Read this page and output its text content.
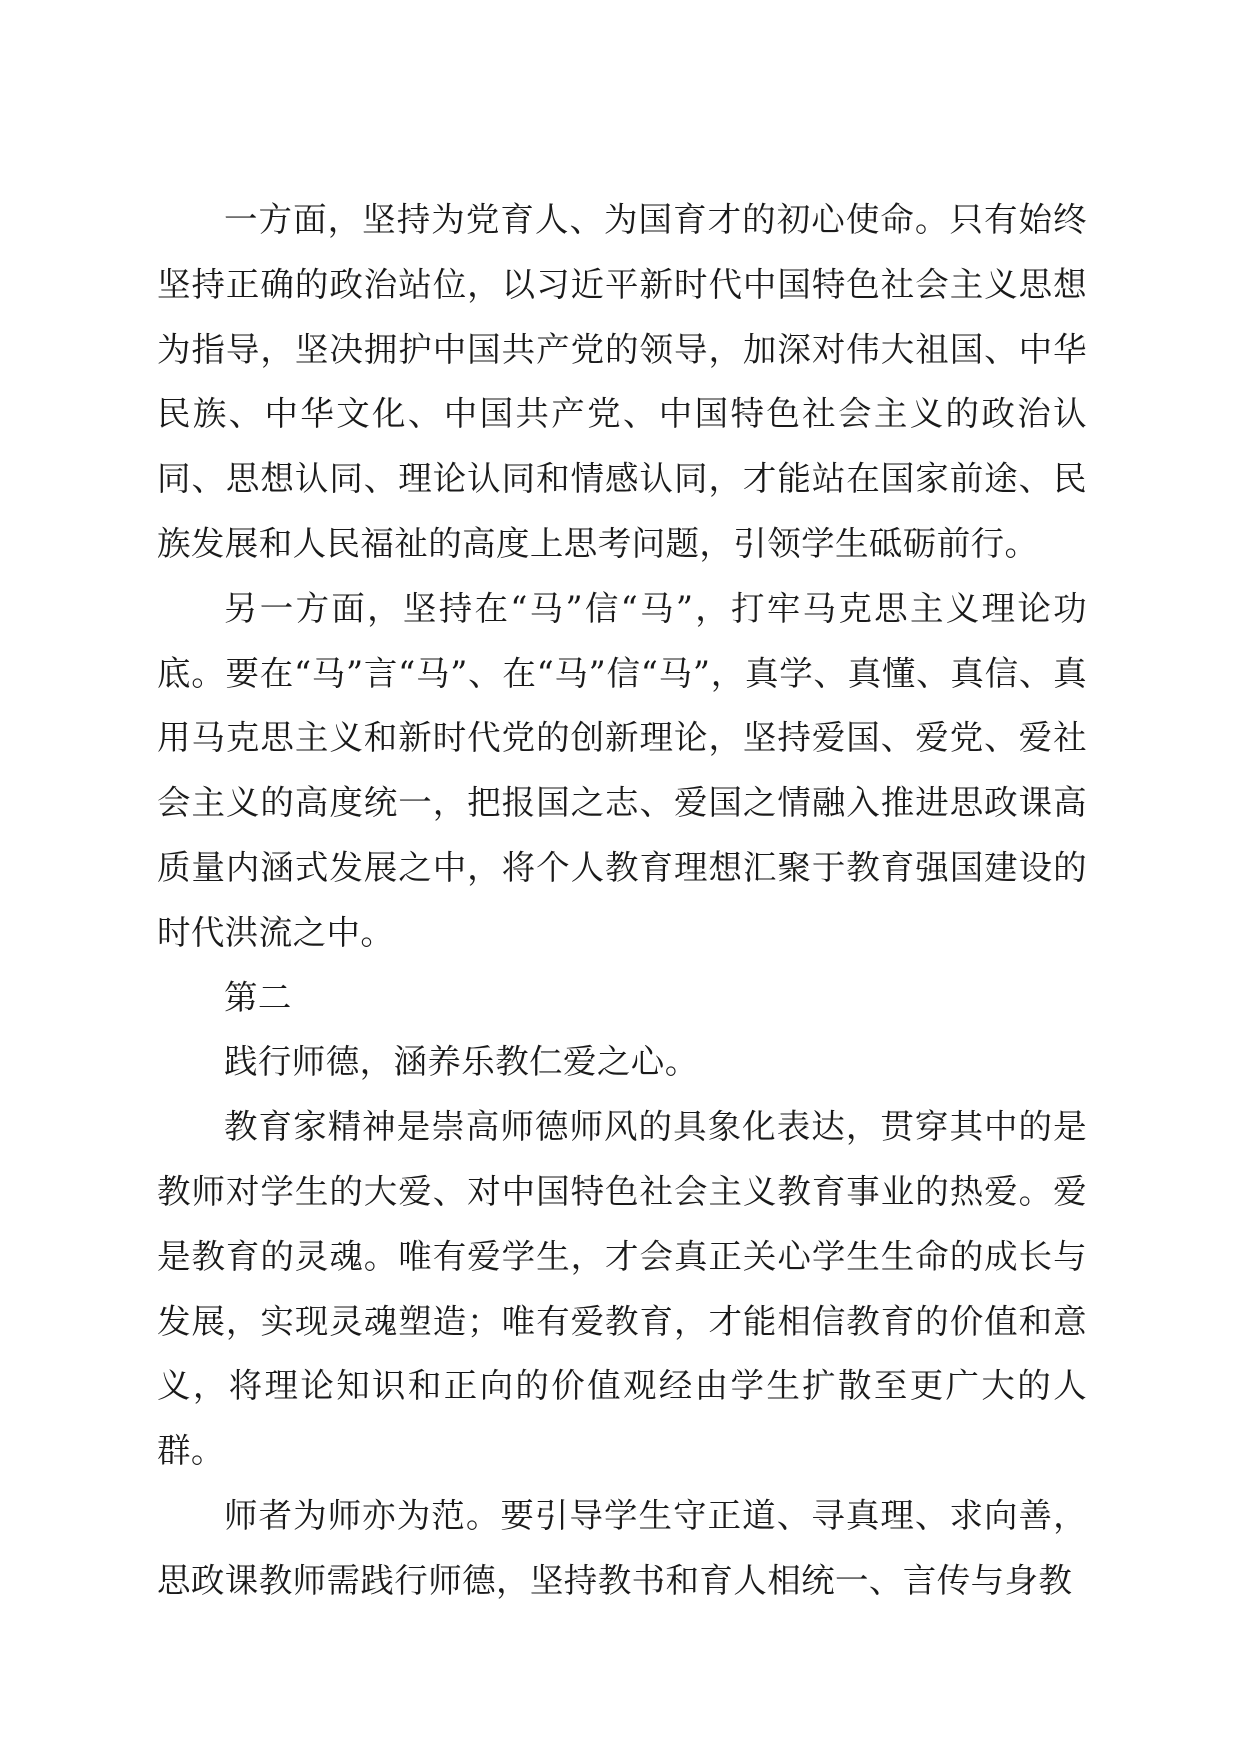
一方面，坚持为党育人、为国育才的初心使命。只有始终坚持正确的政治站位，以习近平新时代中国特色社会主义思想为指导，坚决拥护中国共产党的领导，加深对伟大祖国、中华民族、中华文化、中国共产党、中国特色社会主义的政治认同、思想认同、理论认同和情感认同，才能站在国家前途、民族发展和人民福祉的高度上思考问题，引领学生砥砺前行。

另一方面，坚持在“马”信“马”，打牢马克思主义理论功底。要在“马”言“马”、在“马”信“马”，真学、真懂、真信、真用马克思主义和新时代党的创新理论，坚持爱国、爱党、爱社会主义的高度统一，把报国之志、爱国之情融入推进思政课高质量内涵式发展之中，将个人教育理想汇聚于教育强国建设的时代洪流之中。

第二

践行师德，涵养乐教仁爱之心。

教育家精神是崇高师德师风的具象化表达，贯穿其中的是教师对学生的大爱、对中国特色社会主义教育事业的热爱。爱是教育的灵魂。唯有爱学生，才会真正关心学生生命的成长与发展，实现灵魂塑造；唯有爱教育，才能相信教育的价值和意义，将理论知识和正向的价值观经由学生扩散至更广大的人群。

师者为师亦为范。要引导学生守正道、寻真理、求向善，思政课教师需践行师德，坚持教书和育人相统一、言传与身教
